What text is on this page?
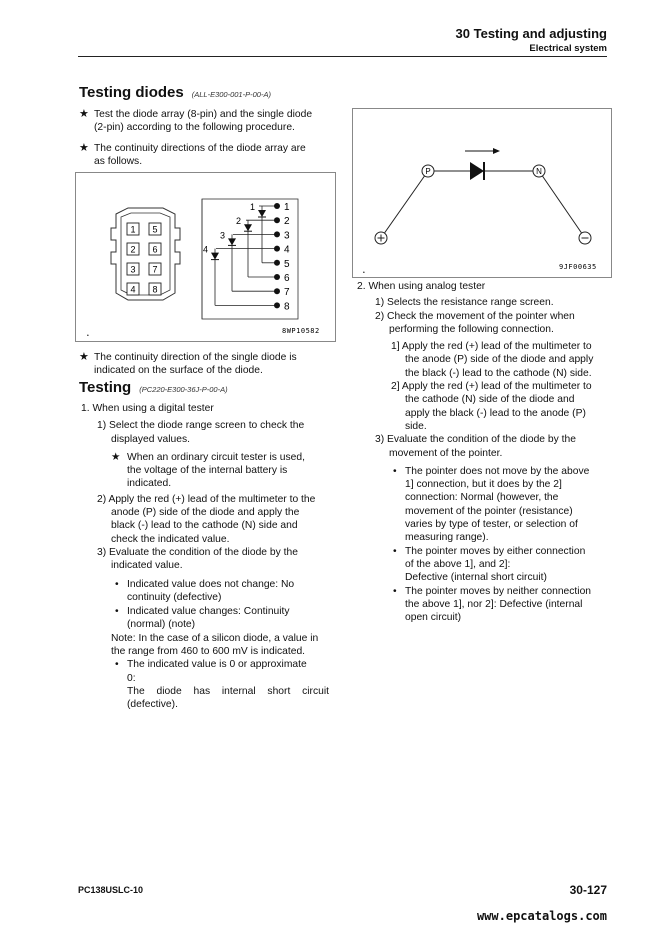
30 Testing and adjusting
Electrical system
Testing diodes (ALL-E300-001-P-00-A)
★ Test the diode array (8-pin) and the single diode
(2-pin) according to the following procedure.
★ The continuity directions of the diode array are
as follows.
1 5
2 6
3 7
4 8
1
2
3
4
5
6
7
8
1
2
3
4
8WP10582
•
★ The continuity direction of the single diode is
indicated on the surface of the diode.
Testing (PC220-E300-36J-P-00-A)
1. When using a digital tester
1) Select the diode range screen to check the
displayed values.
★ When an ordinary circuit tester is used,
the voltage of the internal battery is
indicated.
2) Apply the red (+) lead of the multimeter to the
anode (P) side of the diode and apply the
black (-) lead to the cathode (N) side and
check the indicated value.
3) Evaluate the condition of the diode by the
indicated value.
• Indicated value does not change: No
continuity (defective)
• Indicated value changes: Continuity
(normal) (note)
Note: In the case of a silicon diode, a value in
the range from 460 to 600 mV is indicated.
• The indicated value is 0 or approximate
0:
The diode has internal short circuit
(defective).
P	N
9JF00635
•
2. When using analog tester
1) Selects the resistance range screen.
2) Check the movement of the pointer when
performing the following connection.
1] Apply the red (+) lead of the multimeter to
the anode (P) side of the diode and apply
the black (-) lead to the cathode (N) side.
2] Apply the red (+) lead of the multimeter to
the cathode (N) side of the diode and
apply the black (-) lead to the anode (P)
side.
3) Evaluate the condition of the diode by the
movement of the pointer.
• The pointer does not move by the above
1] connection, but it does by the 2]
connection: Normal (however, the
movement of the pointer (resistance)
varies by type of tester, or selection of
measuring range).
• The pointer moves by either connection
of the above 1], and 2]:
Defective (internal short circuit)
• The pointer moves by neither connection
the above 1], nor 2]: Defective (internal
open circuit)
PC138USLC-10	30-127
www.epcatalogs.com
